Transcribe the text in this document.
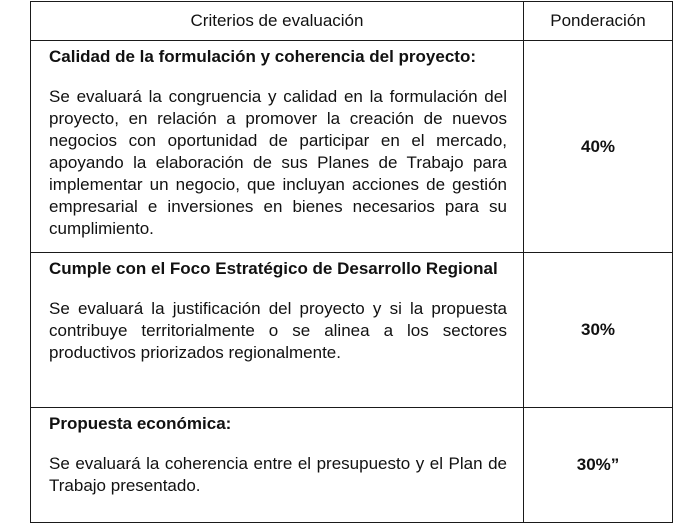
Criterios de evaluación	Ponderación

Calidad de la formulación y coherencia del proyecto:

Se evaluará la congruencia y calidad en la formulación del proyecto, en relación a promover la creación de nuevos negocios con oportunidad de participar en el mercado, apoyando la elaboración de sus Planes de Trabajo para implementar un negocio, que incluyan acciones de gestión empresarial e inversiones en bienes necesarios para su cumplimiento.	40%

Cumple con el Foco Estratégico de Desarrollo Regional

Se evaluará la justificación del proyecto y si la propuesta contribuye territorialmente o se alinea a los sectores productivos priorizados regionalmente.	30%

Propuesta económica:

Se evaluará la coherencia entre el presupuesto y el Plan de Trabajo presentado.	30%”
